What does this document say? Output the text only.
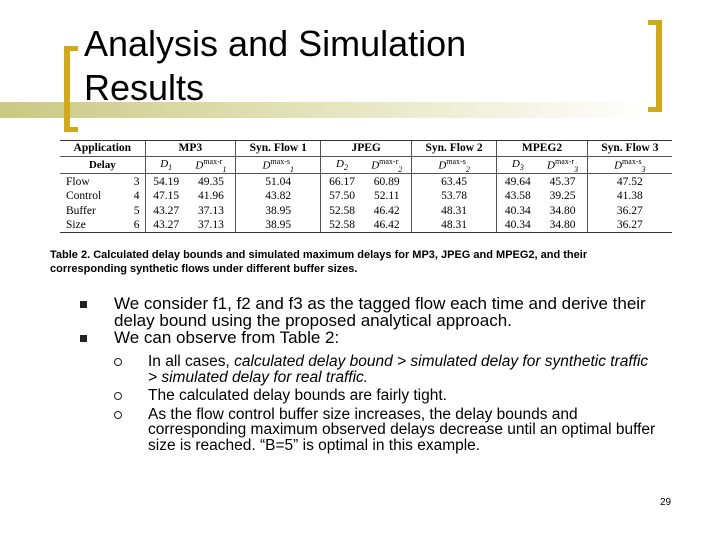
Analysis and Simulation
Results
Application		MP3		Syn. Flow 1	JPEG		Syn. Flow 2	MPEG2		Syn. Flow 3
Delay		$D_1$	$D^{max-r}_1$	$D^{max-s}_1$	$D_2$	$D^{max-r}_2$	$D^{max-s}_2$	$D_3$	$D^{max-r}_3$	$D^{max-s}_3$
Flow	3	54.19	49.35	51.04	66.17	60.89	63.45	49.64	45.37	47.52
Control	4	47.15	41.96	43.82	57.50	52.11	53.78	43.58	39.25	41.38
Buffer	5	43.27	37.13	38.95	52.58	46.42	48.31	40.34	34.80	36.27
Size	6	43.27	37.13	38.95	52.58	46.42	48.31	40.34	34.80	36.27
Table 2. Calculated delay bounds and simulated maximum delays for MP3, JPEG and MPEG2, and their
corresponding synthetic flows under different buffer sizes.
We consider f1, f2 and f3 as the tagged flow each time and derive their delay bound using the proposed analytical approach.
We can observe from Table 2:
In all cases, calculated delay bound > simulated delay for synthetic traffic > simulated delay for real traffic.
The calculated delay bounds are fairly tight.
As the flow control buffer size increases, the delay bounds and corresponding maximum observed delays decrease until an optimal buffer size is reached. “B=5” is optimal in this example.
29
